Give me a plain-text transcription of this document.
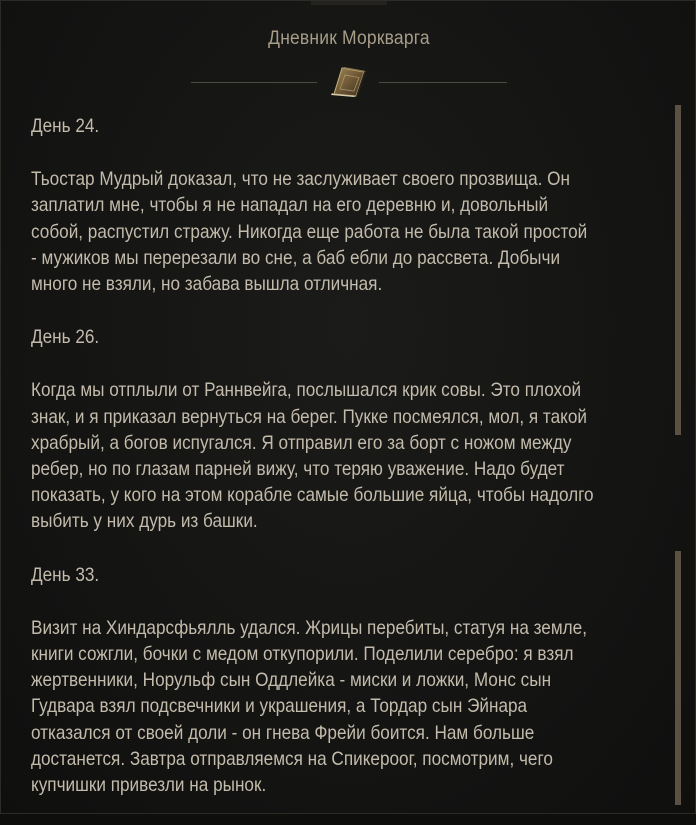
Дневник Моркварга
День 24.
Тьостар Мудрый доказал, что не заслуживает своего прозвища. Он
заплатил мне, чтобы я не нападал на его деревню и, довольный
собой, распустил стражу. Никогда еще работа не была такой простой
- мужиков мы перерезали во сне, а баб ебли до рассвета. Добычи
много не взяли, но забава вышла отличная.
День 26.
Когда мы отплыли от Раннвейга, послышался крик совы. Это плохой
знак, и я приказал вернуться на берег. Пукке посмеялся, мол, я такой
храбрый, а богов испугался. Я отправил его за борт с ножом между
ребер, но по глазам парней вижу, что теряю уважение. Надо будет
показать, у кого на этом корабле самые большие яйца, чтобы надолго
выбить у них дурь из башки.
День 33.
Визит на Хиндарсфьялль удался. Жрицы перебиты, статуя на земле,
книги сожгли, бочки с медом откупорили. Поделили серебро: я взял
жертвенники, Норульф сын Оддлейка - миски и ложки, Монс сын
Гудвара взял подсвечники и украшения, а Тордар сын Эйнара
отказался от своей доли - он гнева Фрейи боится. Нам больше
достанется. Завтра отправляемся на Спикероог, посмотрим, чего
купчишки привезли на рынок.
